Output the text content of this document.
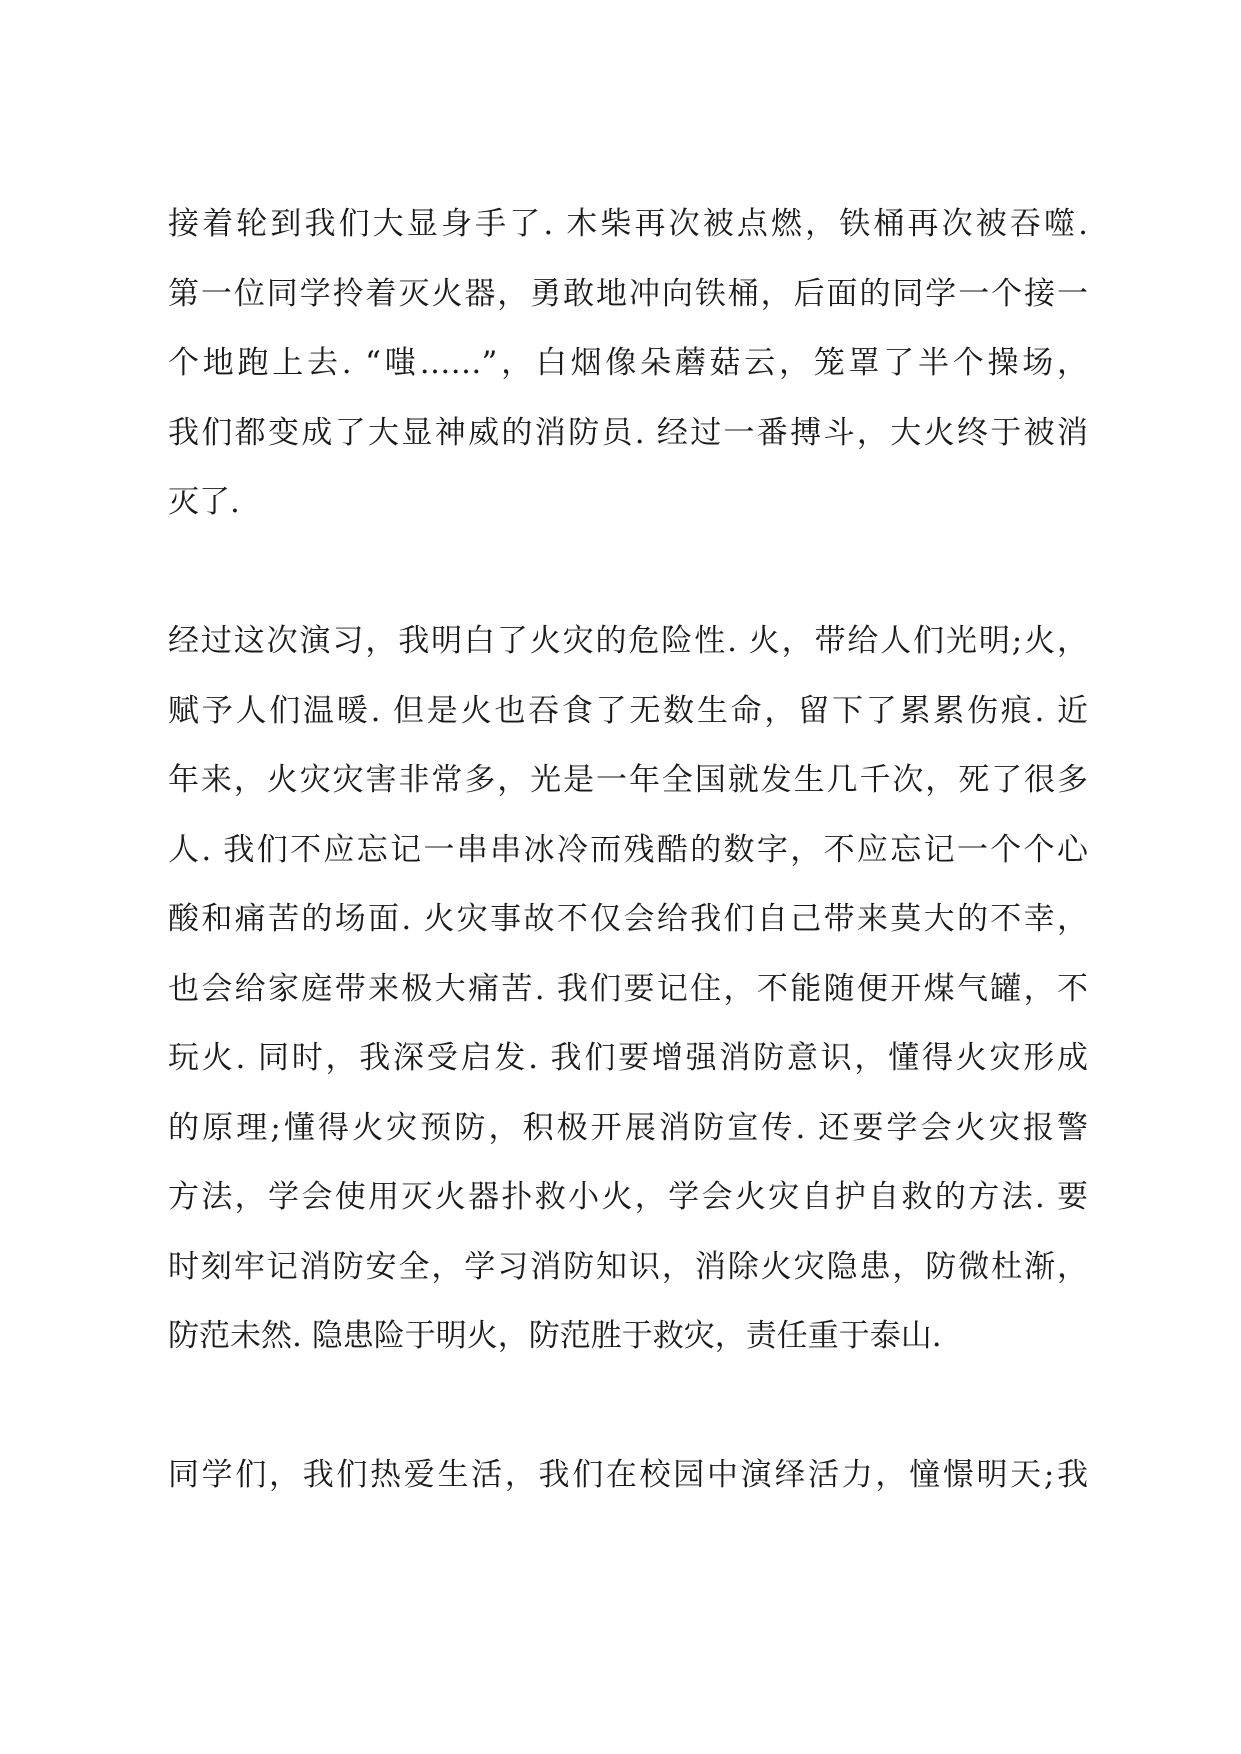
接着轮到我们大显身手了. 木柴再次被点燃，铁桶再次被吞噬.
第一位同学拎着灭火器，勇敢地冲向铁桶，后面的同学一个接一
个地跑上去. “嗤……”，白烟像朵蘑菇云，笼罩了半个操场，
我们都变成了大显神威的消防员. 经过一番搏斗，大火终于被消
灭了.
经过这次演习，我明白了火灾的危险性. 火，带给人们光明;火，
赋予人们温暖. 但是火也吞食了无数生命，留下了累累伤痕. 近
年来，火灾灾害非常多，光是一年全国就发生几千次，死了很多
人. 我们不应忘记一串串冰冷而残酷的数字，不应忘记一个个心
酸和痛苦的场面. 火灾事故不仅会给我们自己带来莫大的不幸，
也会给家庭带来极大痛苦. 我们要记住，不能随便开煤气罐，不
玩火. 同时，我深受启发. 我们要增强消防意识，懂得火灾形成
的原理;懂得火灾预防，积极开展消防宣传. 还要学会火灾报警
方法，学会使用灭火器扑救小火，学会火灾自护自救的方法. 要
时刻牢记消防安全，学习消防知识，消除火灾隐患，防微杜渐，
防范未然. 隐患险于明火，防范胜于救灾，责任重于泰山.
同学们，我们热爱生活，我们在校园中演绎活力，憧憬明天;我
